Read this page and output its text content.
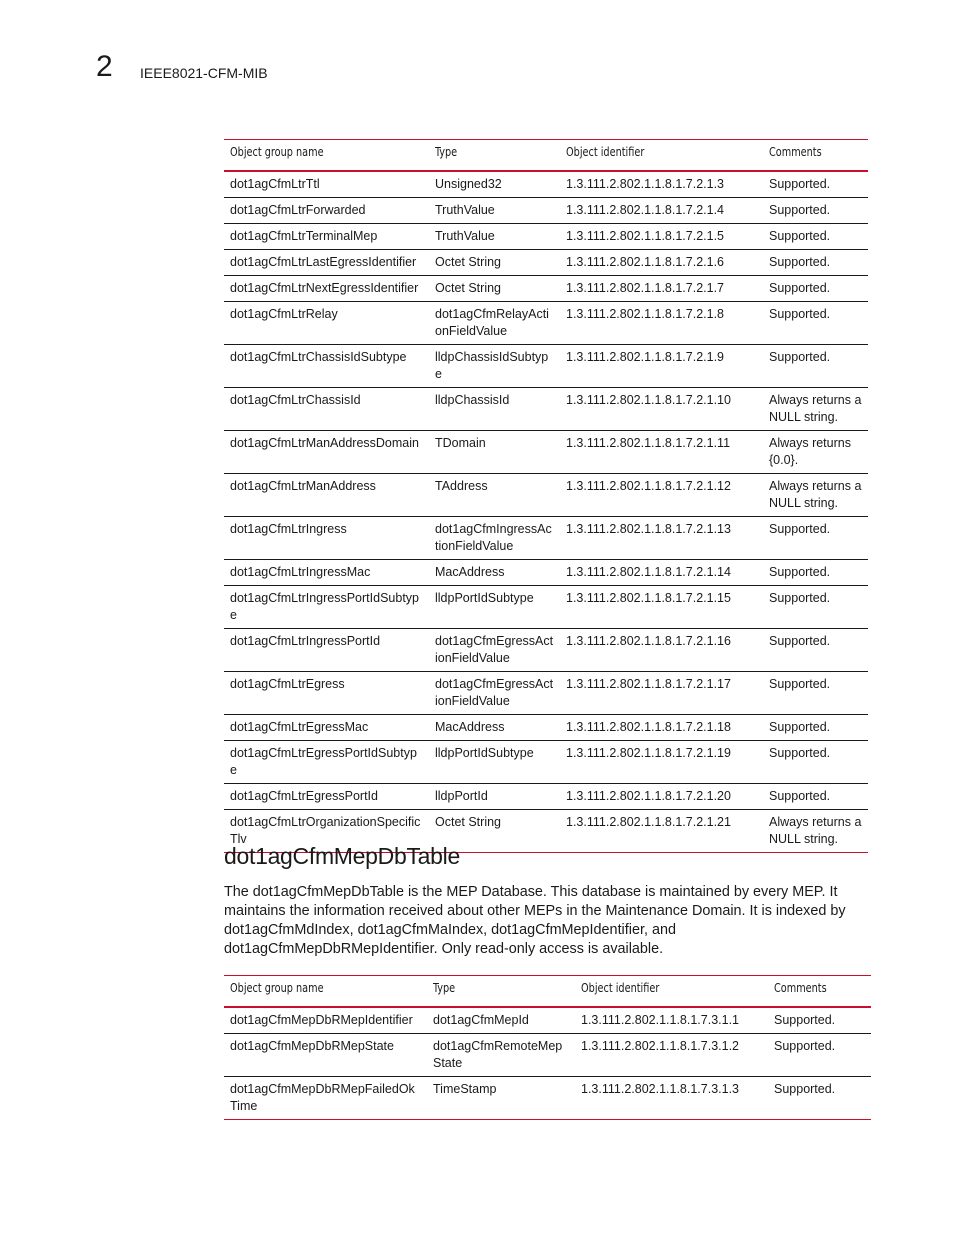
2 IEEE8021-CFM-MIB
Object group name	Type	Object identifier	Comments
dot1agCfmLtrTtl	Unsigned32	1.3.111.2.802.1.1.8.1.7.2.1.3	Supported.
dot1agCfmLtrForwarded	TruthValue	1.3.111.2.802.1.1.8.1.7.2.1.4	Supported.
dot1agCfmLtrTerminalMep	TruthValue	1.3.111.2.802.1.1.8.1.7.2.1.5	Supported.
dot1agCfmLtrLastEgressIdentifier	Octet String	1.3.111.2.802.1.1.8.1.7.2.1.6	Supported.
dot1agCfmLtrNextEgressIdentifier	Octet String	1.3.111.2.802.1.1.8.1.7.2.1.7	Supported.
dot1agCfmLtrRelay	dot1agCfmRelayActionFieldValue	1.3.111.2.802.1.1.8.1.7.2.1.8	Supported.
dot1agCfmLtrChassisIdSubtype	lldpChassisIdSubtype	1.3.111.2.802.1.1.8.1.7.2.1.9	Supported.
dot1agCfmLtrChassisId	lldpChassisId	1.3.111.2.802.1.1.8.1.7.2.1.10	Always returns a NULL string.
dot1agCfmLtrManAddressDomain	TDomain	1.3.111.2.802.1.1.8.1.7.2.1.11	Always returns {0.0}.
dot1agCfmLtrManAddress	TAddress	1.3.111.2.802.1.1.8.1.7.2.1.12	Always returns a NULL string.
dot1agCfmLtrIngress	dot1agCfmIngressActionFieldValue	1.3.111.2.802.1.1.8.1.7.2.1.13	Supported.
dot1agCfmLtrIngressMac	MacAddress	1.3.111.2.802.1.1.8.1.7.2.1.14	Supported.
dot1agCfmLtrIngressPortIdSubtype	lldpPortIdSubtype	1.3.111.2.802.1.1.8.1.7.2.1.15	Supported.
dot1agCfmLtrIngressPortId	dot1agCfmEgressActionFieldValue	1.3.111.2.802.1.1.8.1.7.2.1.16	Supported.
dot1agCfmLtrEgress	dot1agCfmEgressActionFieldValue	1.3.111.2.802.1.1.8.1.7.2.1.17	Supported.
dot1agCfmLtrEgressMac	MacAddress	1.3.111.2.802.1.1.8.1.7.2.1.18	Supported.
dot1agCfmLtrEgressPortIdSubtype	lldpPortIdSubtype	1.3.111.2.802.1.1.8.1.7.2.1.19	Supported.
dot1agCfmLtrEgressPortId	lldpPortId	1.3.111.2.802.1.1.8.1.7.2.1.20	Supported.
dot1agCfmLtrOrganizationSpecificTlv	Octet String	1.3.111.2.802.1.1.8.1.7.2.1.21	Always returns a NULL string.
dot1agCfmMepDbTable

The dot1agCfmMepDbTable is the MEP Database. This database is maintained by every MEP. It maintains the information received about other MEPs in the Maintenance Domain. It is indexed by dot1agCfmMdIndex, dot1agCfmMaIndex, dot1agCfmMepIdentifier, and dot1agCfmMepDbRMepIdentifier. Only read-only access is available.

Object group name	Type	Object identifier	Comments
dot1agCfmMepDbRMepIdentifier	dot1agCfmMepId	1.3.111.2.802.1.1.8.1.7.3.1.1	Supported.
dot1agCfmMepDbRMepState	dot1agCfmRemoteMepState	1.3.111.2.802.1.1.8.1.7.3.1.2	Supported.
dot1agCfmMepDbRMepFailedOkTime	TimeStamp	1.3.111.2.802.1.1.8.1.7.3.1.3	Supported.
